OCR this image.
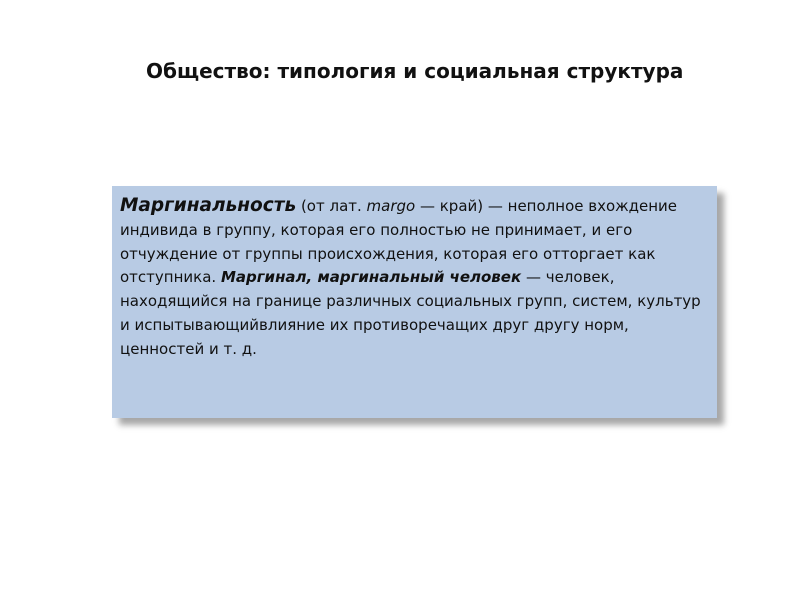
Общество: типология и социальная структура

Маргинальность (от лат. margo — край) — неполное вхождение индивида в группу, которая его полностью не принимает, и его отчуждение от группы происхождения, которая его отторгает как отступника. Маргинал, маргинальный человек — человек,
находящийся на границе различных социальных групп, систем, культур и испытывающийвлияние их противоречащих друг другу норм, ценностей и т. д.
